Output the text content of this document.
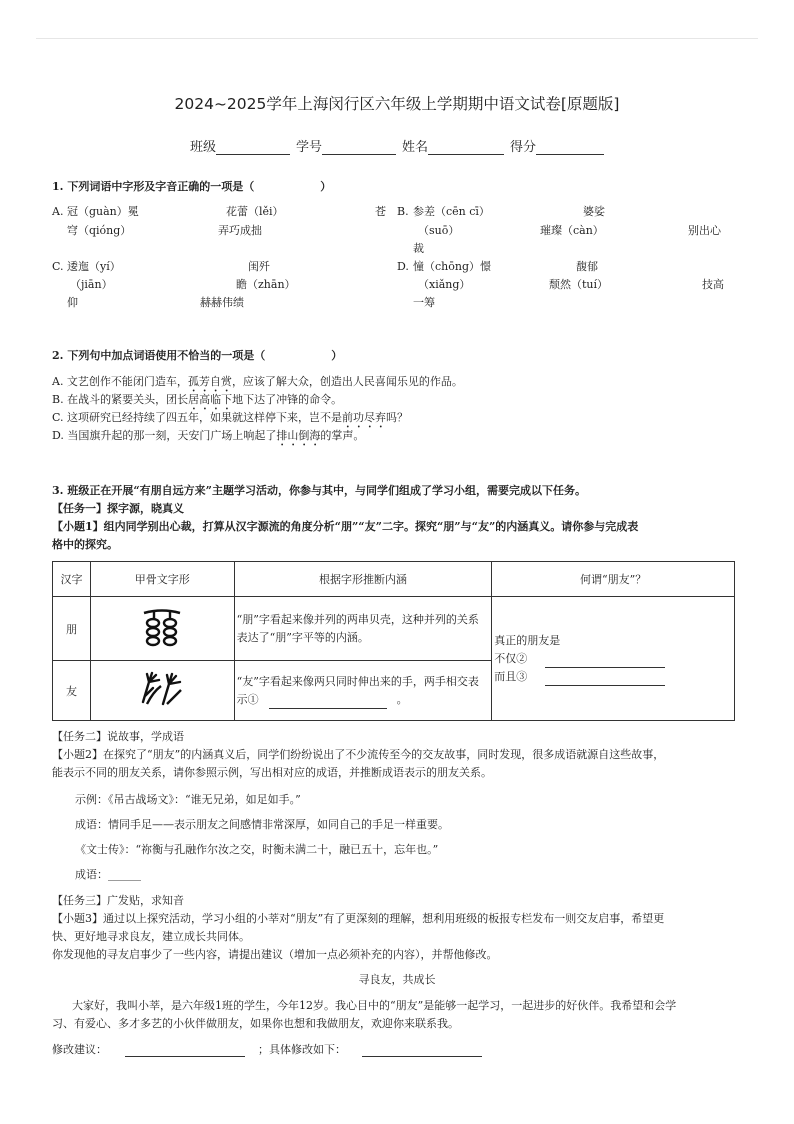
2024~2025学年上海闵行区六年级上学期期中语文试卷[原题版]
班级	学号	姓名	得分
1. 下列词语中字形及字音正确的一项是（　　　　　　）
A. 冠（guàn）冕	花蕾（lěi）	苍
穹（qióng）	弄巧成拙
B. 参差（cēn cī）	婆娑
（suō）	璀璨（càn）	别出心
裁
C. 逶迤（yí）	闺歼
（jiān）	瞻（zhān）	技高
仰	赫赫伟绩
D. 憧（chōng）憬	馥郁
（xiǎng）	颓然（tuí）
一筹
2. 下列句中加点词语使用不恰当的一项是（　　　　　　）
A. 文艺创作不能闭门造车，孤芳自赏，应该了解大众，创造出人民喜闻乐见的作品。
B. 在战斗的紧要关头，团长居高临下地下达了冲锋的命令。
C. 这项研究已经持续了四五年，如果就这样停下来，岂不是前功尽弃吗？
D. 当国旗升起的那一刻，天安门广场上响起了排山倒海的掌声。
3. 班级正在开展“有朋自远方来”主题学习活动，你参与其中，与同学们组成了学习小组，需要完成以下任务。
【任务一】探字源，晓真义
【小题1】组内同学别出心裁，打算从汉字源流的角度分析“朋”“友”二字。探究“朋”与“友”的内涵真义。请你参与完成表
格中的探究。
汉字	甲骨文字形	根据字形推断内涵	何谓“朋友”？
朋		“朋”字看起来像并列的两串贝壳，这种并列的关系表达了“朋”字平等的内涵。	真正的朋友是
不仅②
而且③

友		“友”字看起来像两只同时伸出来的手，两手相交表示① 。	
【任务二】说故事，学成语
【小题2】在探究了“朋友”的内涵真义后，同学们纷纷说出了不少流传至今的交友故事，同时发现，很多成语就源自这些故事，
能表示不同的朋友关系，请你参照示例，写出相对应的成语，并推断成语表示的朋友关系。
示例：《吊古战场文》：“谁无兄弟，如足如手。”
成语：情同手足——表示朋友之间感情非常深厚，如同自己的手足一样重要。
《文士传》：“祢衡与孔融作尔汝之交，时衡未满二十，融已五十，忘年也。”
成语：______
【任务三】广发贴，求知音
【小题3】通过以上探究活动，学习小组的小莘对“朋友”有了更深刻的理解，想利用班级的板报专栏发布一则交友启事，希望更
快、更好地寻求良友，建立成长共同体。
你发现他的寻友启事少了一些内容，请提出建议（增加一点必须补充的内容），并帮他修改。
寻良友，共成长
大家好，我叫小莘，是六年级1班的学生，今年12岁。我心目中的“朋友”是能够一起学习，一起进步的好伙伴。我希望和会学
习、有爱心、多才多艺的小伙伴做朋友，如果你也想和我做朋友，欢迎你来联系我。
修改建议：	；具体修改如下：
